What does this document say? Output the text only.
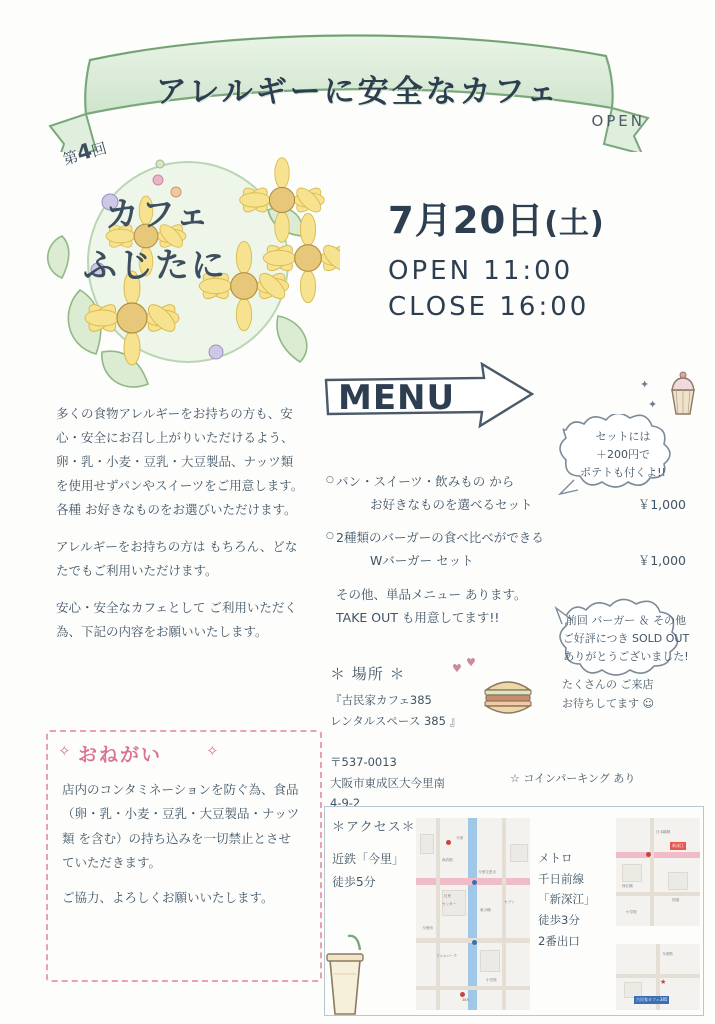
アレルギーに安全なカフェ
OPEN
第4回
カフェ
ふじたに
7月20日(土)
OPEN 11:00
CLOSE 16:00
MENU

多くの食物アレルギーをお持ちの方も、安心・安全にお召し上がりいただけるよう、卵・乳・小麦・豆乳・大豆製品、ナッツ類 を使用せずパンやスイーツをご用意します。各種 お好きなものをお選びいただけます。

アレルギーをお持ちの方は もちろん、どなたでもご利用いただけます。

安心・安全なカフェとして ご利用いただく為、下記の内容をお願いいたします。

○ パン・スイーツ・飲みもの から
お好きなものを選べるセット	￥1,000
○ 2種類のバーガーの食べ比べができる
Wバーガー セット	￥1,000
その他、単品メニュー あります。
TAKE OUT も用意してます!!
セットには
＋200円で
ポテトも付くよ!!
前回 バーガー ＆ その他
ご好評につき SOLD OUT
ありがとうございました!
＊ 場所 ＊
『古民家カフェ385
レンタルスペース 385 』
〒537-0013
大阪市東成区大今里南
4-9-2
☆ コインパーキング あり
たくさんの ご来店
お待ちしてます ☺
✧ おねがい	✧

店内のコンタミネーションを防ぐ為、食品（卵・乳・小麦・豆乳・大豆製品・ナッツ類 を含む）の持ち込みを一切禁止とさせていただきます。

ご協力、よろしくお願いいたします。

＊アクセス＊
近鉄「今里」
徒歩5分
メトロ
千日前線
「新深江」
徒歩3分
2番出口
今里
商店街
今里交差点
区民
センター
東小橋
セブン
今里西
フエルパーク
小学校
385
新深江
日本橋筋
深江橋
国道
小学校
★
古民家カフェ385
今里筋
✦
✦
♥
♥
